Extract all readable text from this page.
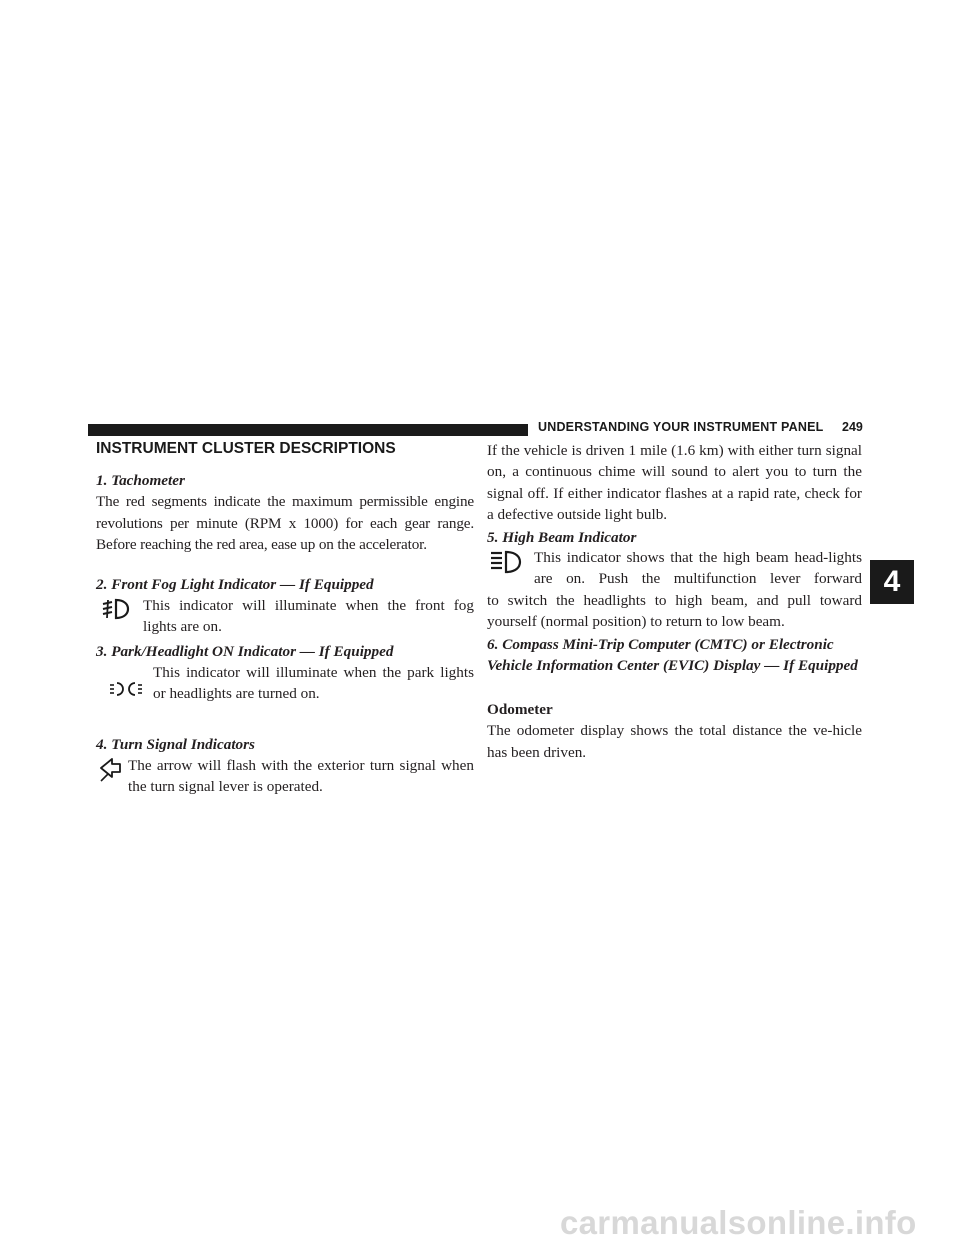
UNDERSTANDING YOUR INSTRUMENT PANEL 249
4
INSTRUMENT CLUSTER DESCRIPTIONS

1. Tachometer

The red segments indicate the maximum permissible engine revolutions per minute (RPM x 1000) for each gear range. Before reaching the red area, ease up on the accelerator.

2. Front Fog Light Indicator — If Equipped

This indicator will illuminate when the front fog lights are on.

3. Park/Headlight ON Indicator — If Equipped

This indicator will illuminate when the park lights or headlights are turned on.

4. Turn Signal Indicators

The arrow will flash with the exterior turn signal when the turn signal lever is operated.
If the vehicle is driven 1 mile (1.6 km) with either turn signal on, a continuous chime will sound to alert you to turn the signal off. If either indicator flashes at a rapid rate, check for a defective outside light bulb.

5. High Beam Indicator

This indicator shows that the high beam head-lights are on. Push the multifunction lever forward
to switch the headlights to high beam, and pull toward yourself (normal position) to return to low beam.

6. Compass Mini-Trip Computer (CMTC) or Electronic Vehicle Information Center (EVIC) Display — If Equipped

Odometer

The odometer display shows the total distance the ve-hicle has been driven.

carmanualsonline.info
